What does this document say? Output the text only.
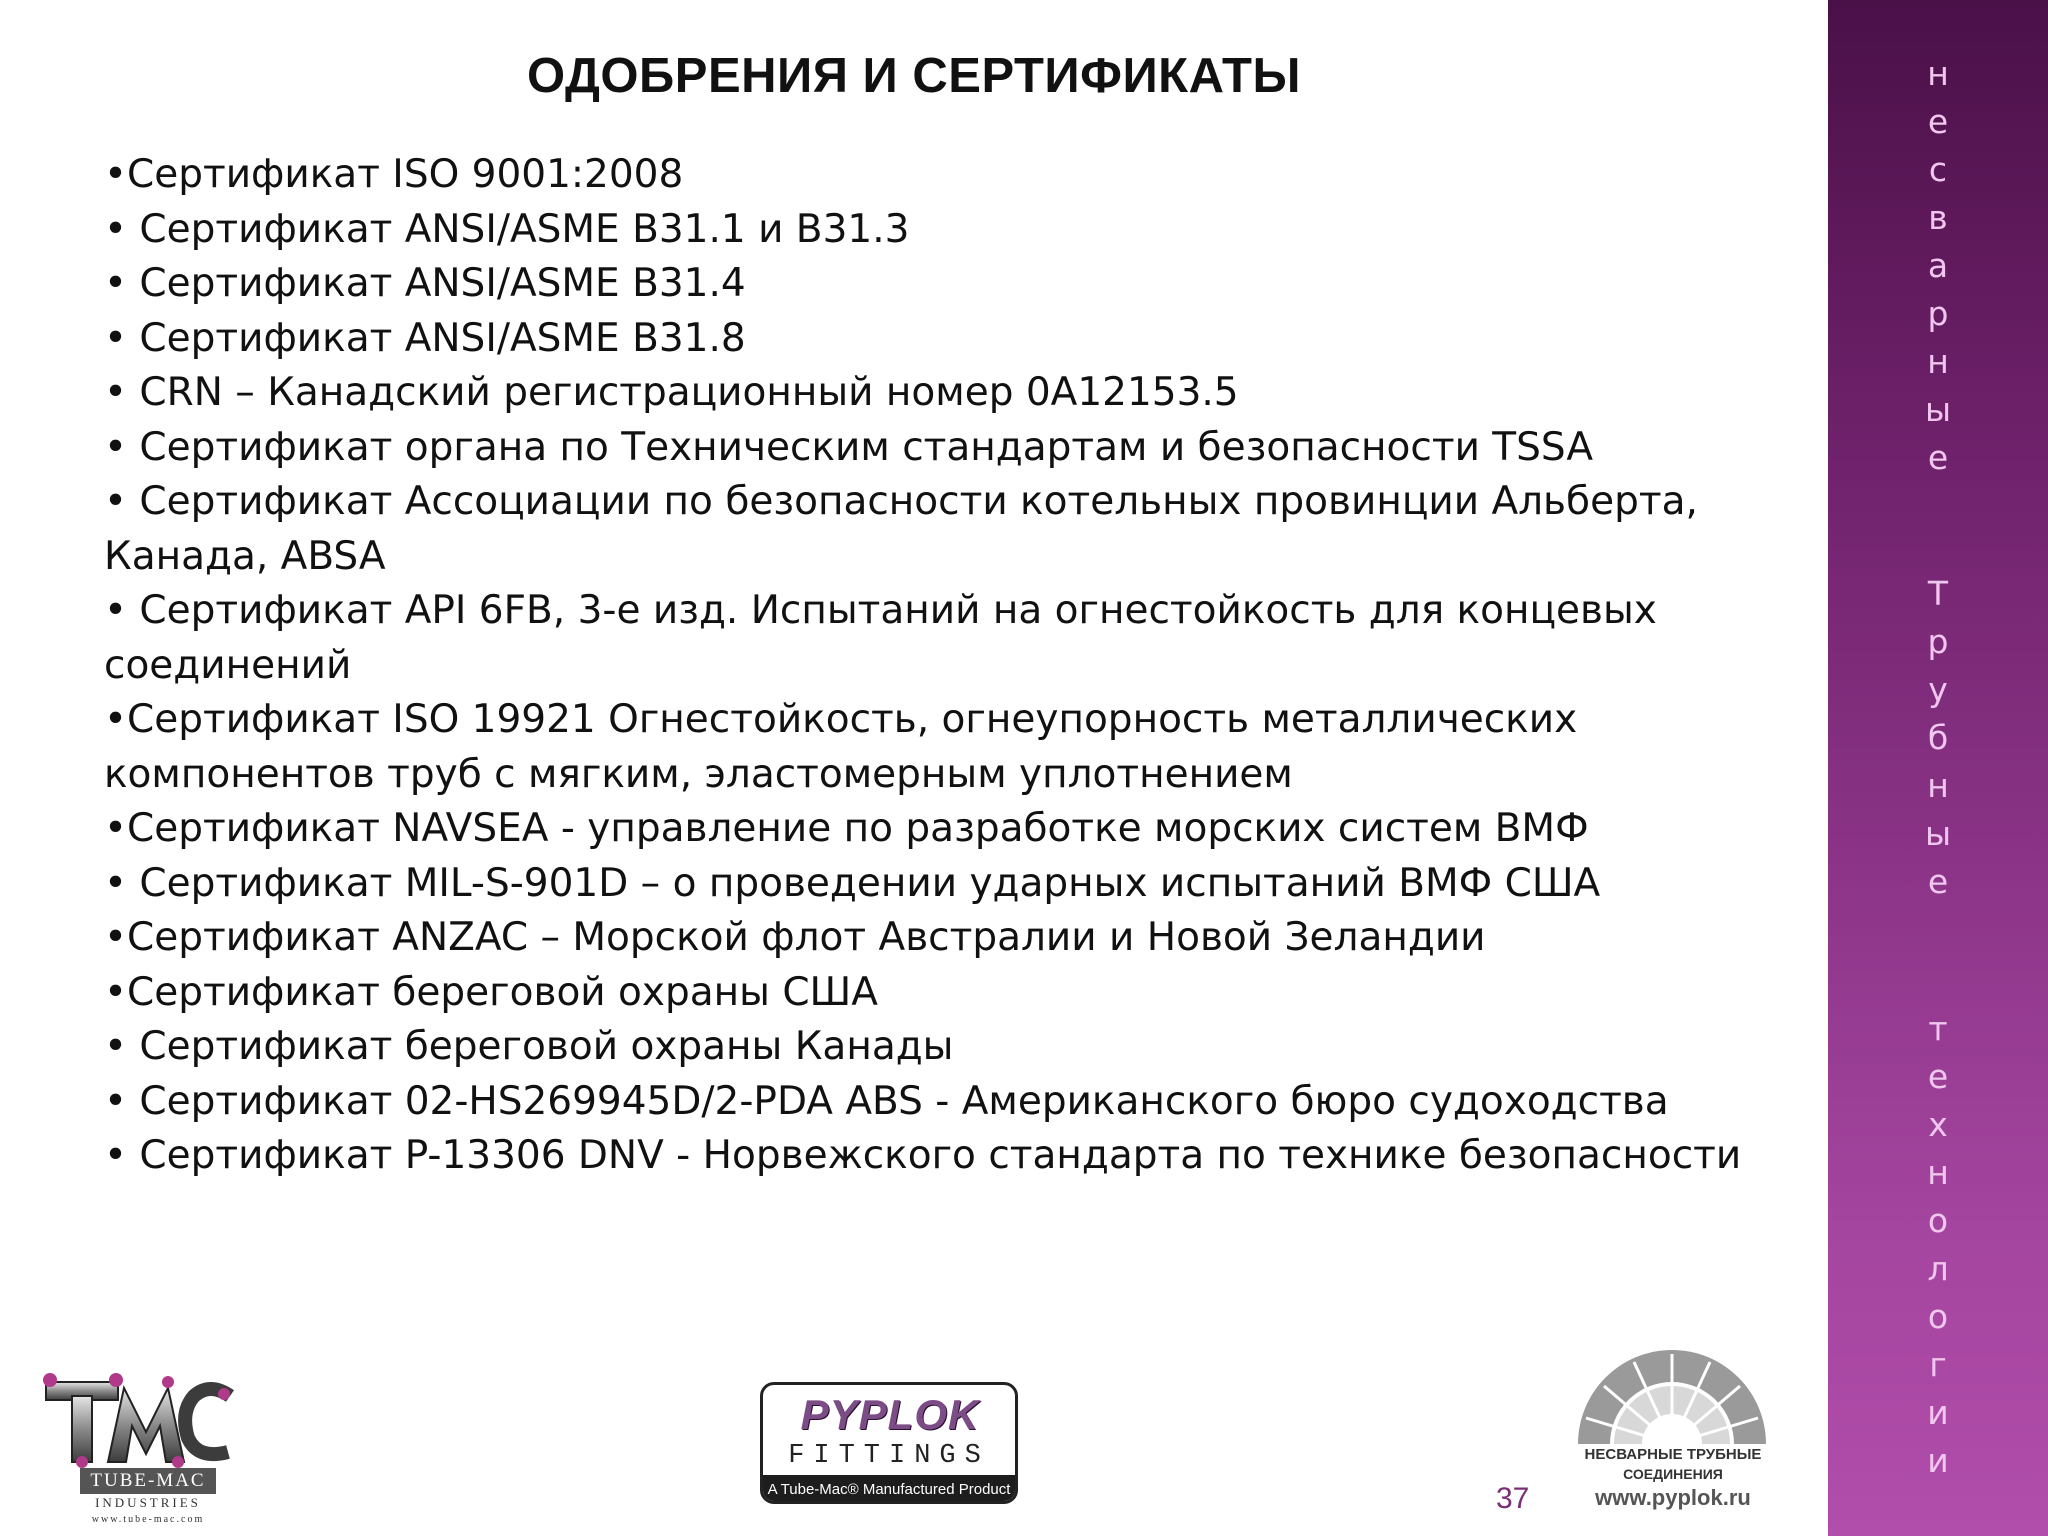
ОДОБРЕНИЯ И СЕРТИФИКАТЫ
•Сертификат ISO 9001:2008
• Сертификат ANSI/ASME B31.1 и B31.3
• Сертификат ANSI/ASME B31.4
• Сертификат ANSI/ASME B31.8
• CRN – Канадский регистрационный номер 0A12153.5
• Сертификат органа по Техническим стандартам и безопасности TSSA
• Сертификат Ассоциации по безопасности котельных провинции Альберта, Канада, ABSA
• Сертификат API 6FB, 3-е изд. Испытаний на огнестойкость для концевых соединений
•Сертификат ISO 19921 Огнестойкость, огнеупорность металлических компонентов труб с мягким, эластомерным уплотнением
•Сертификат NAVSEA - управление по разработке морских систем ВМФ
• Сертификат MIL-S-901D – о проведении ударных испытаний ВМФ США
•Сертификат ANZAC – Морской флот Австралии и Новой Зеландии
•Сертификат береговой охраны США
• Сертификат береговой охраны Канады
• Сертификат 02-HS269945D/2-PDA ABS - Американского бюро судоходства
• Сертификат P-13306 DNV - Норвежского стандарта по технике безопасности
н
е
с
в
а
р
н
ы
е
Т
р
у
б
н
ы
е
т
е
х
н
о
л
о
г
и
и
TUBE-MAC
INDUSTRIES
www.tube-mac.com
PYPLOK
FITTINGS
A Tube-Mac® Manufactured Product	37
НЕСВАРНЫЕ ТРУБНЫЕ
СОЕДИНЕНИЯ
www.pyplok.ru
